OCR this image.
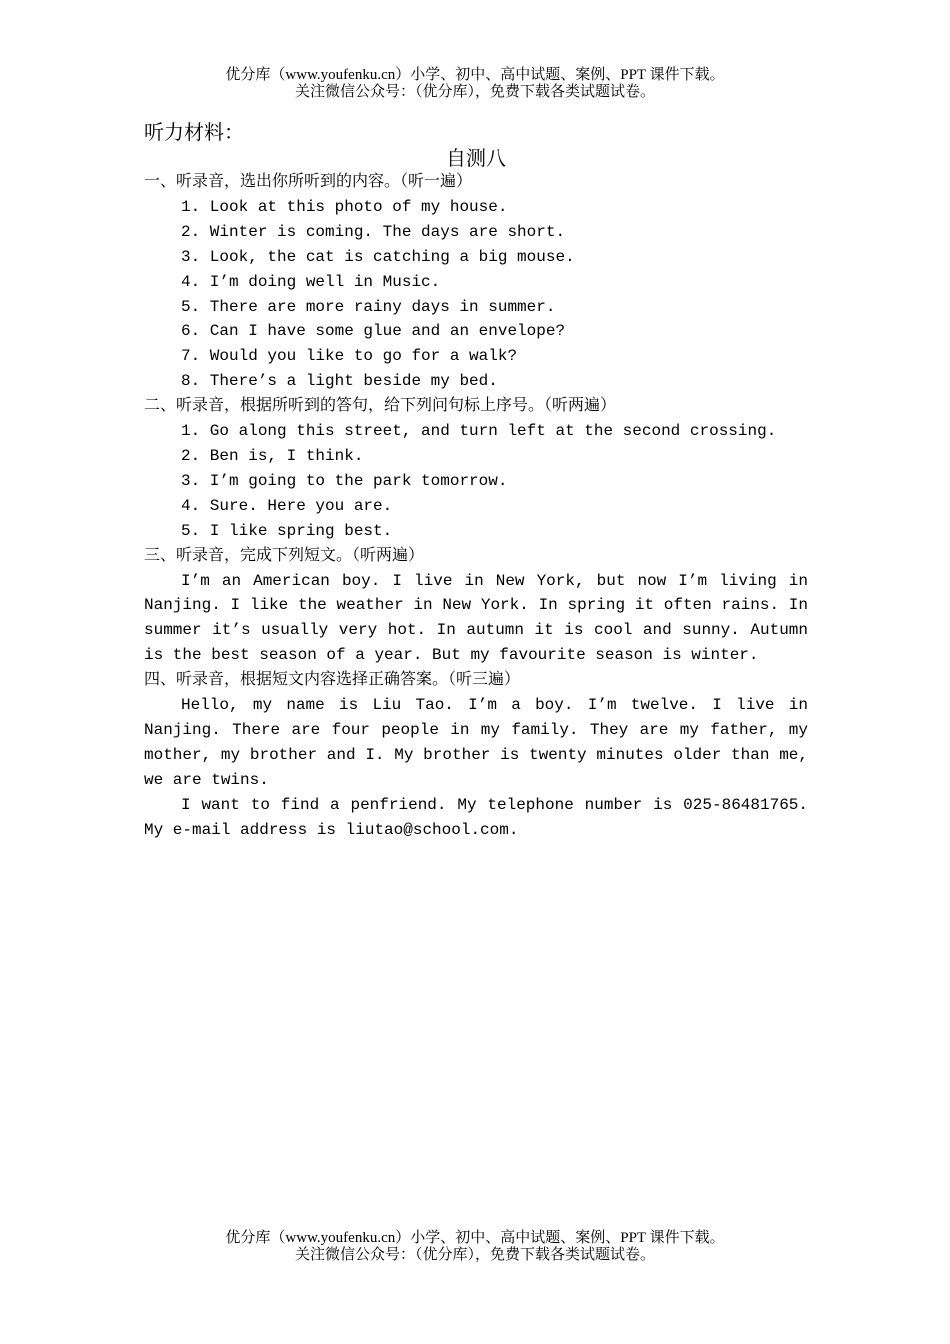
优分库（www.youfenku.cn）小学、初中、高中试题、案例、PPT 课件下载。
关注微信公众号：（优分库），免费下载各类试题试卷。
听力材料：
自测八
一、听录音，选出你所听到的内容。（听一遍）
1. Look at this photo of my house.
2. Winter is coming. The days are short.
3. Look, the cat is catching a big mouse.
4. I’m doing well in Music.
5. There are more rainy days in summer.
6. Can I have some glue and an envelope?
7. Would you like to go for a walk?
8. There’s a light beside my bed.
二、听录音，根据所听到的答句，给下列问句标上序号。（听两遍）
1. Go along this street, and turn left at the second crossing.
2. Ben is, I think.
3. I’m going to the park tomorrow.
4. Sure. Here you are.
5. I like spring best.
三、听录音，完成下列短文。（听两遍）

I’m an American boy. I live in New York, but now I’m living in Nanjing. I like the weather in New York. In spring it often rains. In summer it’s usually very hot. In autumn it is cool and sunny. Autumn is the best season of a year. But my favourite season is winter.

四、听录音，根据短文内容选择正确答案。（听三遍）

Hello, my name is Liu Tao. I’m a boy. I’m twelve. I live in Nanjing. There are four people in my family. They are my father, my mother, my brother and I. My brother is twenty minutes older than me, we are twins.

I want to find a penfriend. My telephone number is 025-86481765. My e-mail address is liutao@school.com.

优分库（www.youfenku.cn）小学、初中、高中试题、案例、PPT 课件下载。
关注微信公众号：（优分库），免费下载各类试题试卷。
